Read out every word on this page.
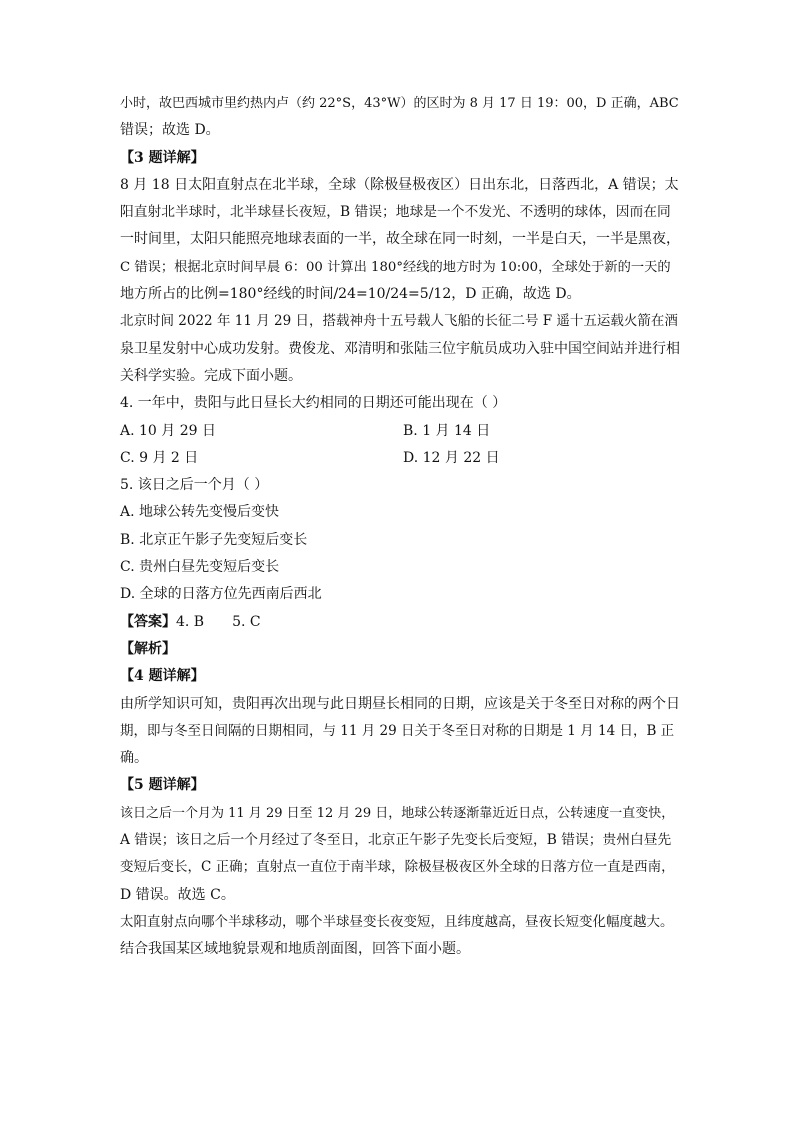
小时，故巴西城市里约热内卢（约 22°S，43°W）的区时为 8 月 17 日 19：00，D 正确，ABC

错误；故选 D。

【3 题详解】

8 月 18 日太阳直射点在北半球，全球（除极昼极夜区）日出东北，日落西北，A 错误；太

阳直射北半球时，北半球昼长夜短，B 错误；地球是一个不发光、不透明的球体，因而在同

一时间里，太阳只能照亮地球表面的一半，故全球在同一时刻，一半是白天，一半是黑夜，

C 错误；根据北京时间早晨 6：00 计算出 180°经线的地方时为 10:00，全球处于新的一天的

地方所占的比例=180°经线的时间/24=10/24=5/12，D 正确，故选 D。

北京时间 2022 年 11 月 29 日，搭载神舟十五号载人飞船的长征二号 F 遥十五运载火箭在酒

泉卫星发射中心成功发射。费俊龙、邓清明和张陆三位宇航员成功入驻中国空间站并进行相

关科学实验。完成下面小题。

4. 一年中，贵阳与此日昼长大约相同的日期还可能出现在（ ）

A. 10 月 29 日	B. 1 月 14 日
C. 9 月 2 日	D. 12 月 22 日

5. 该日之后一个月（ ）

A. 地球公转先变慢后变快

B. 北京正午影子先变短后变长

C. 贵州白昼先变短后变长

D. 全球的日落方位先西南后西北

【答案】4. B 5. C

【解析】

【4 题详解】

由所学知识可知，贵阳再次出现与此日期昼长相同的日期，应该是关于冬至日对称的两个日

期，即与冬至日间隔的日期相同，与 11 月 29 日关于冬至日对称的日期是 1 月 14 日，B 正

确。

【5 题详解】

该日之后一个月为 11 月 29 日至 12 月 29 日，地球公转逐渐靠近近日点，公转速度一直变快，

A 错误；该日之后一个月经过了冬至日，北京正午影子先变长后变短，B 错误；贵州白昼先

变短后变长，C 正确；直射点一直位于南半球，除极昼极夜区外全球的日落方位一直是西南，

D 错误。故选 C。

太阳直射点向哪个半球移动，哪个半球昼变长夜变短，且纬度越高，昼夜长短变化幅度越大。

结合我国某区域地貌景观和地质剖面图，回答下面小题。
